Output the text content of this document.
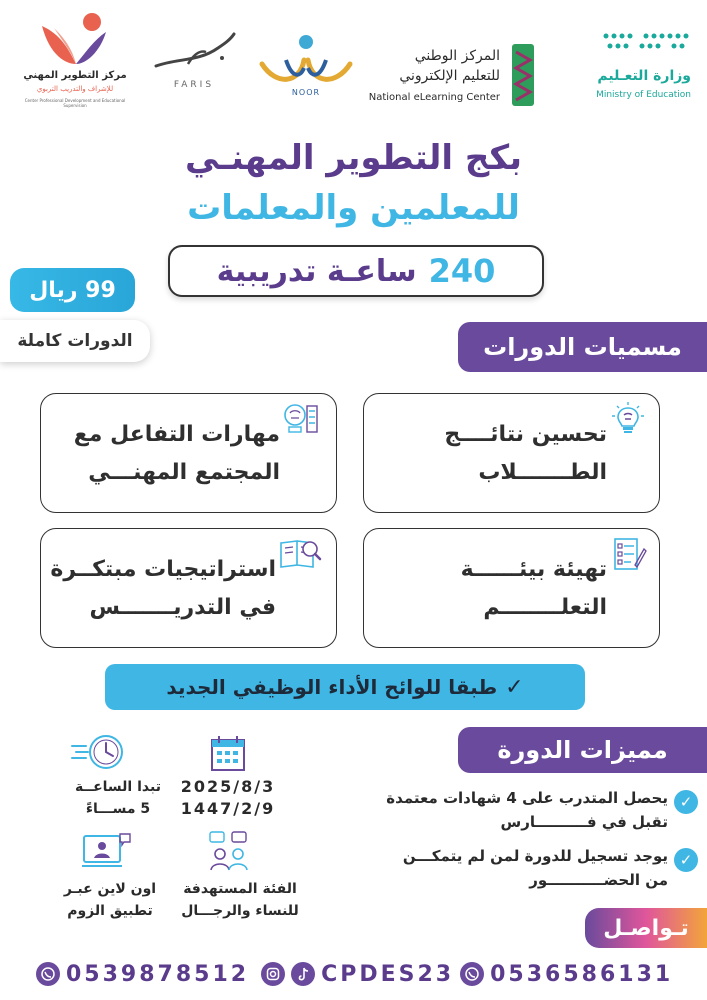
مركز التطوير المهني
للإشراف والتدريب التربوي
Center Professional Development and Educational Supervision
FARIS
NOOR
المركز الوطني
للتعليم الإلكتروني
National eLearning Center
وزارة التعـليم
Ministry of Education
بكج التطوير المهنـي
للمعلمين والمعلمات
240
ساعـة تدريبية
99 ريال
الدورات كاملة	مسميات الدورات
تحسين نتائــــج
الطـــــــلاب
مهارات التفاعل مع
المجتمع المهنـــي
تهيئة بيئــــــة
التعلــــــــم
استراتيجيات مبتكــرة
في التدريـــــــس
✓
طبقا للوائح الأداء الوظيفي الجديد
مميزات الدورة
تبدا الساعــة
5 مســـاءً
2025/8/3
1447/2/9
اون لاين عبـر
تطبيق الزوم
الفئة المستهدفة
للنساء والرجـــال
✓
يحصل المتدرب على 4 شهادات معتمدة
تقبل في فــــــــــارس
✓
يوجد تسجيل للدورة لمن لم يتمكـــن
من الحضـــــــــــور
تـواصـل
0539878512	CPDES23 0536586131
